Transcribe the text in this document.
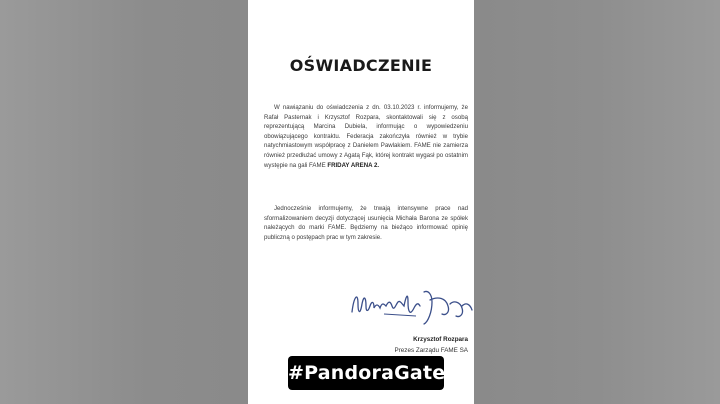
OŚWIADCZENIE
W nawiązaniu do oświadczenia z dn. 03.10.2023 r. informujemy, że Rafał Pasternak i Krzysztof Rozpara, skontaktowali się z osobą reprezentującą Marcina Dubiela, informując o wypowiedzeniu obowiązującego kontraktu. Federacja zakończyła również w trybie natychmiastowym współpracę z Danielem Pawlakiem. FAME nie zamierza również przedłużać umowy z Agatą Fąk, której kontrakt wygasł po ostatnim występie na gali FAME FRIDAY ARENA 2.
Jednocześnie informujemy, że trwają intensywne prace nad sformalizowaniem decyzji dotyczącej usunięcia Michała Barona ze spółek należących do marki FAME. Będziemy na bieżąco informować opinię publiczną o postępach prac w tym zakresie.
Krzysztof Rozpara
Prezes Zarządu FAME SA
#PandoraGate
